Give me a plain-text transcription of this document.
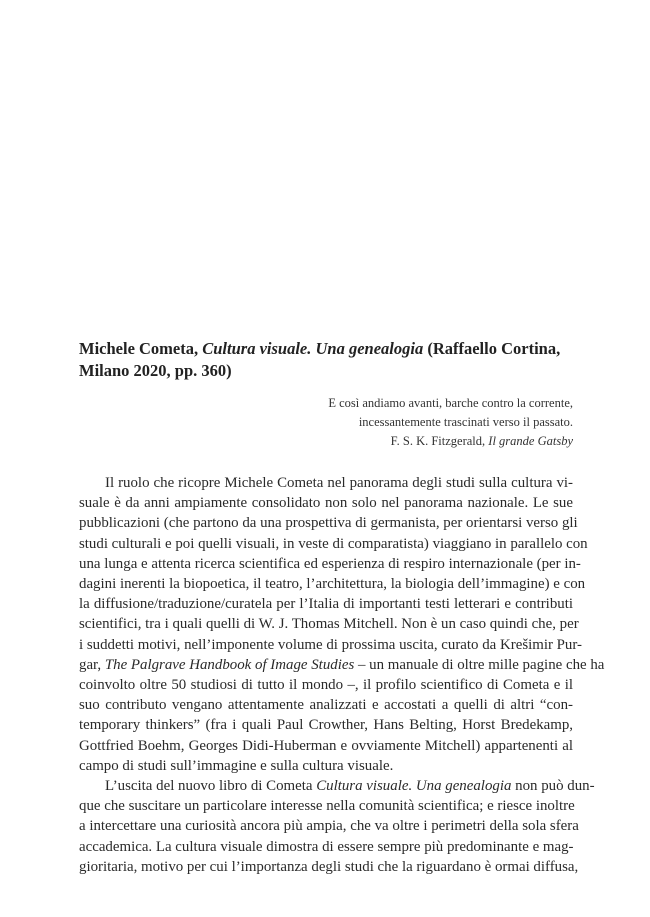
Michele Cometa, Cultura visuale. Una genealogia (Raffaello Cortina,
Milano 2020, pp. 360)
E così andiamo avanti, barche contro la corrente,
incessantemente trascinati verso il passato.
F. S. K. Fitzgerald, Il grande Gatsby
Il ruolo che ricopre Michele Cometa nel panorama degli studi sulla cultura vi-
suale è da anni ampiamente consolidato non solo nel panorama nazionale. Le sue
pubblicazioni (che partono da una prospettiva di germanista, per orientarsi verso gli
studi culturali e poi quelli visuali, in veste di comparatista) viaggiano in parallelo con
una lunga e attenta ricerca scientifica ed esperienza di respiro internazionale (per in-
dagini inerenti la biopoetica, il teatro, l’architettura, la biologia dell’immagine) e con
la diffusione/traduzione/curatela per l’Italia di importanti testi letterari e contributi
scientifici, tra i quali quelli di W. J. Thomas Mitchell. Non è un caso quindi che, per
i suddetti motivi, nell’imponente volume di prossima uscita, curato da Krešimir Pur-
gar, The Palgrave Handbook of Image Studies – un manuale di oltre mille pagine che ha
coinvolto oltre 50 studiosi di tutto il mondo –, il profilo scientifico di Cometa e il
suo contributo vengano attentamente analizzati e accostati a quelli di altri “con-
temporary thinkers” (fra i quali Paul Crowther, Hans Belting, Horst Bredekamp,
Gottfried Boehm, Georges Didi-Huberman e ovviamente Mitchell) appartenenti al
campo di studi sull’immagine e sulla cultura visuale.
L’uscita del nuovo libro di Cometa Cultura visuale. Una genealogia non può dun-
que che suscitare un particolare interesse nella comunità scientifica; e riesce inoltre
a intercettare una curiosità ancora più ampia, che va oltre i perimetri della sola sfera
accademica. La cultura visuale dimostra di essere sempre più predominante e mag-
gioritaria, motivo per cui l’importanza degli studi che la riguardano è ormai diffusa,
